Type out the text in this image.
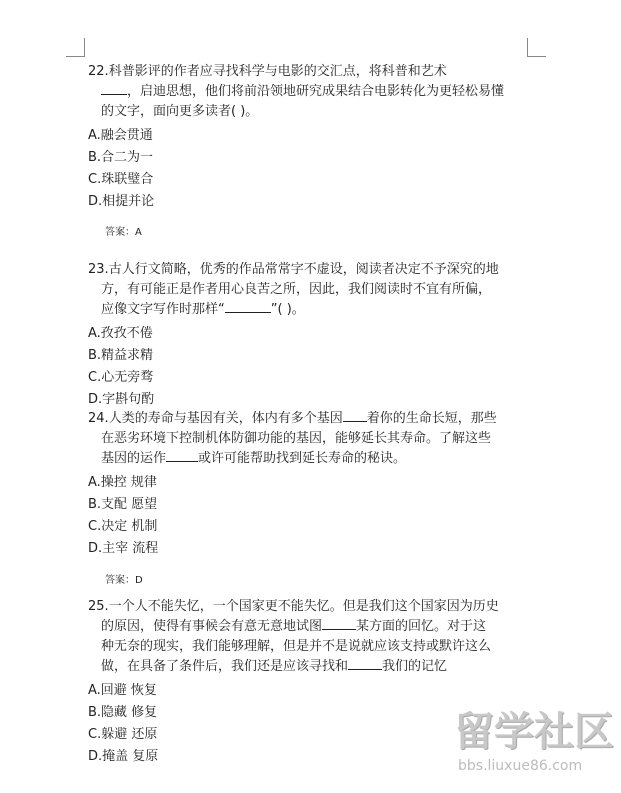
22.科普影评的作者应寻找科学与电影的交汇点，将科普和艺术
，启迪思想，他们将前沿领地研究成果结合电影转化为更轻松易懂
的文字，面向更多读者( )。

A.融会贯通
B.合二为一
C.珠联璧合
D.相提并论
答案：A

23.古人行文简略，优秀的作品常常字不虚设，阅读者决定不予深究的地
方，有可能正是作者用心良苦之所，因此，我们阅读时不宜有所偏，
应像文字写作时那样“	”( )。

A.孜孜不倦
B.精益求精
C.心无旁骛
D.字斟句酌

24.人类的寿命与基因有关，体内有多个基因 着你的生命长短，那些
在恶劣环境下控制机体防御功能的基因，能够延长其寿命。了解这些
基因的运作 或许可能帮助找到延长寿命的秘诀。

A.操控 规律
B.支配 愿望
C.决定 机制
D.主宰 流程
答案：D

25.一个人不能失忆，一个国家更不能失忆。但是我们这个国家因为历史
的原因，使得有事候会有意无意地试图	某方面的回忆。对于这
种无奈的现实，我们能够理解，但是并不是说就应该支持或默许这么
做，在具备了条件后，我们还是应该寻找和	我们的记忆

A.回避 恢复
B.隐藏 修复
C.躲避 还原
D.掩盖 复原
留学社区
bbs.liuxue86.com
